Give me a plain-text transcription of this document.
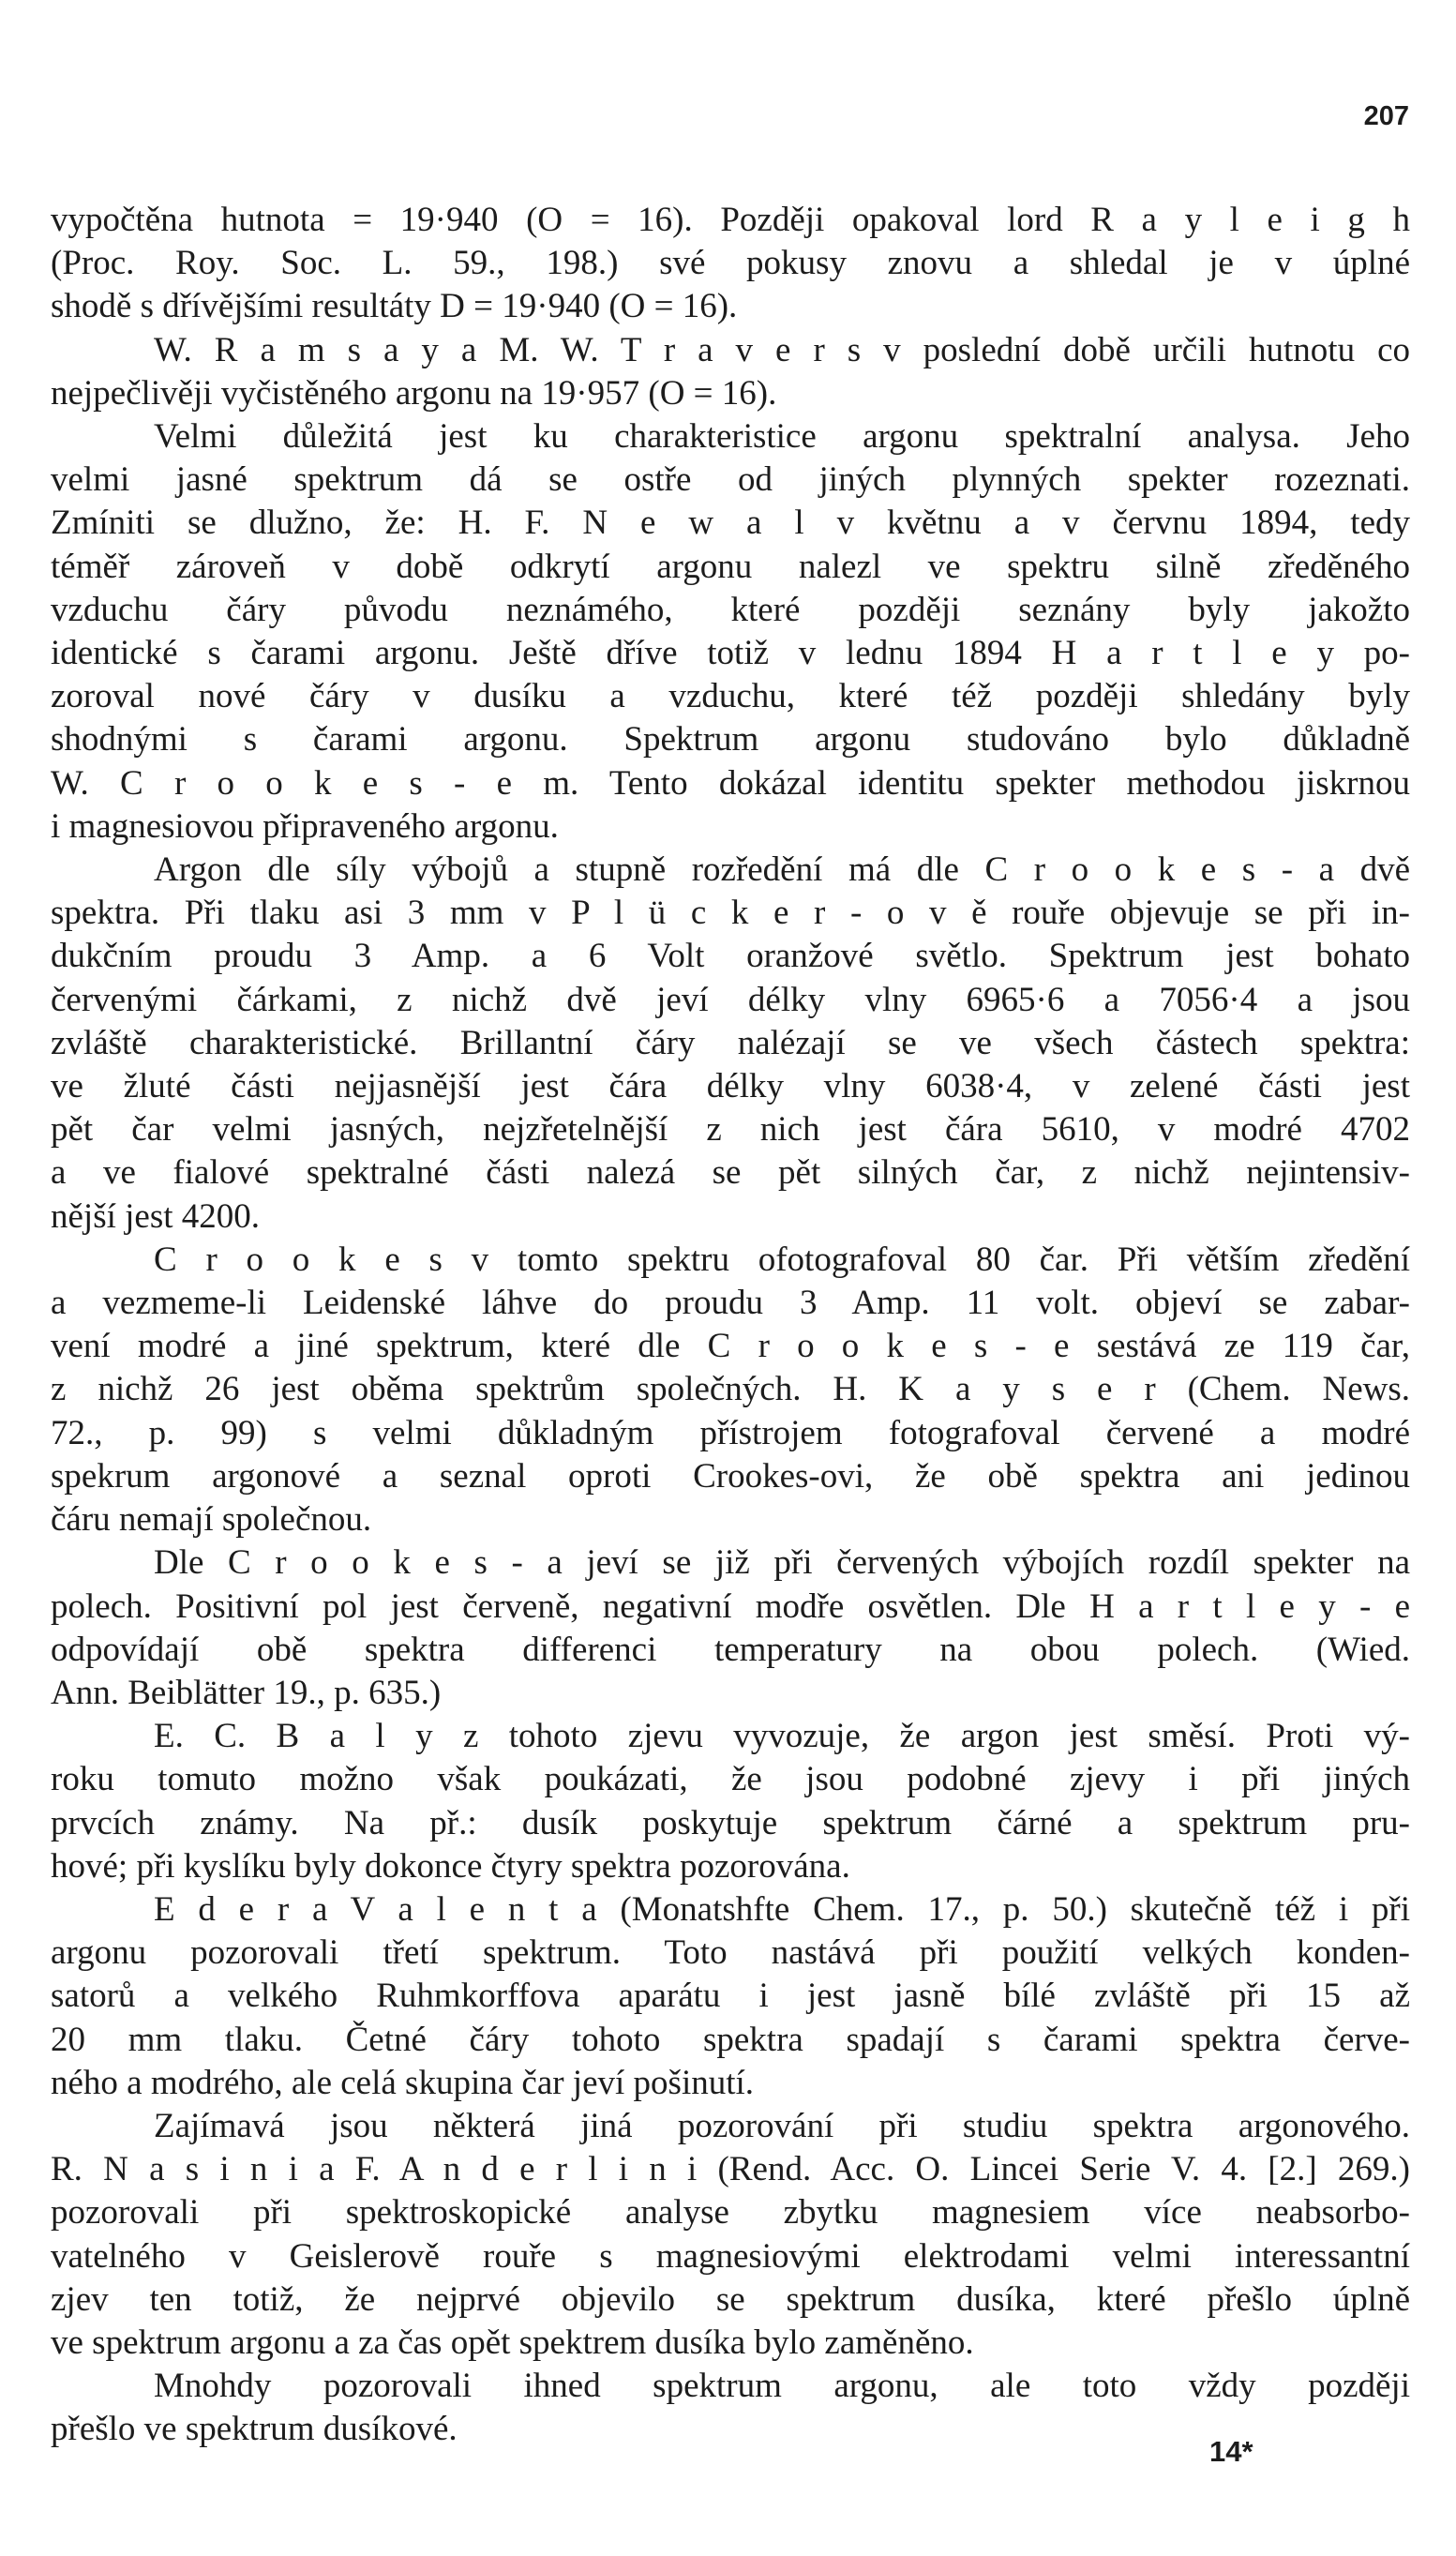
207
vypočtěna hutnota = 19·940 (O = 16). Později opakoval lord R a y l e i g h
(Proc. Roy. Soc. L. 59., 198.) své pokusy znovu a shledal je v úplné
shodě s dřívějšími resultáty D = 19·940 (O = 16).
W. R a m s a y a M. W. T r a v e r s v poslední době určili hutnotu co
nejpečlivěji vyčistěného argonu na 19·957 (O = 16).
Velmi důležitá jest ku charakteristice argonu spektralní analysa. Jeho
velmi jasné spektrum dá se ostře od jiných plynných spekter rozeznati.
Zmíniti se dlužno, že: H. F. N e w a l v květnu a v červnu 1894, tedy
téměř zároveň v době odkrytí argonu nalezl ve spektru silně zředěného
vzduchu čáry původu neznámého, které později seznány byly jakožto
identické s čarami argonu. Ještě dříve totiž v lednu 1894 H a r t l e y po-
zoroval nové čáry v dusíku a vzduchu, které též později shledány byly
shodnými s čarami argonu. Spektrum argonu studováno bylo důkladně
W. C r o o k e s - e m. Tento dokázal identitu spekter methodou jiskrnou
i magnesiovou připraveného argonu.
Argon dle síly výbojů a stupně rozředění má dle C r o o k e s - a dvě
spektra. Při tlaku asi 3 mm v P l ü c k e r - o v ě rouře objevuje se při in-
dukčním proudu 3 Amp. a 6 Volt oranžové světlo. Spektrum jest bohato
červenými čárkami, z nichž dvě jeví délky vlny 6965·6 a 7056·4 a jsou
zvláště charakteristické. Brillantní čáry nalézají se ve všech částech spektra:
ve žluté části nejjasnější jest čára délky vlny 6038·4, v zelené části jest
pět čar velmi jasných, nejzřetelnější z nich jest čára 5610, v modré 4702
a ve fialové spektralné části nalezá se pět silných čar, z nichž nejintensiv-
nější jest 4200.
C r o o k e s v tomto spektru ofotografoval 80 čar. Při větším zředění
a vezmeme-li Leidenské láhve do proudu 3 Amp. 11 volt. objeví se zabar-
vení modré a jiné spektrum, které dle C r o o k e s - e sestává ze 119 čar,
z nichž 26 jest oběma spektrům společných. H. K a y s e r (Chem. News.
72., p. 99) s velmi důkladným přístrojem fotografoval červené a modré
spekrum argonové a seznal oproti Crookes-ovi, že obě spektra ani jedinou
čáru nemají společnou.
Dle C r o o k e s - a jeví se již při červených výbojích rozdíl spekter na
polech. Positivní pol jest červeně, negativní modře osvětlen. Dle H a r t l e y - e
odpovídají obě spektra differenci temperatury na obou polech. (Wied.
Ann. Beiblätter 19., p. 635.)
E. C. B a l y z tohoto zjevu vyvozuje, že argon jest směsí. Proti vý-
roku tomuto možno však poukázati, že jsou podobné zjevy i při jiných
prvcích známy. Na př.: dusík poskytuje spektrum čárné a spektrum pru-
hové; při kyslíku byly dokonce čtyry spektra pozorována.
E d e r a V a l e n t a (Monatshfte Chem. 17., p. 50.) skutečně též i při
argonu pozorovali třetí spektrum. Toto nastává při použití velkých konden-
satorů a velkého Ruhmkorffova aparátu i jest jasně bílé zvláště při 15 až
20 mm tlaku. Četné čáry tohoto spektra spadají s čarami spektra červe-
ného a modrého, ale celá skupina čar jeví pošinutí.
Zajímavá jsou některá jiná pozorování při studiu spektra argonového.
R. N a s i n i a F. A n d e r l i n i (Rend. Acc. O. Lincei Serie V. 4. [2.] 269.)
pozorovali při spektroskopické analyse zbytku magnesiem více neabsorbo-
vatelného v Geislerově rouře s magnesiovými elektrodami velmi interessantní
zjev ten totiž, že nejprvé objevilo se spektrum dusíka, které přešlo úplně
ve spektrum argonu a za čas opět spektrem dusíka bylo zaměněno.
Mnohdy pozorovali ihned spektrum argonu, ale toto vždy později
přešlo ve spektrum dusíkové.
14*
